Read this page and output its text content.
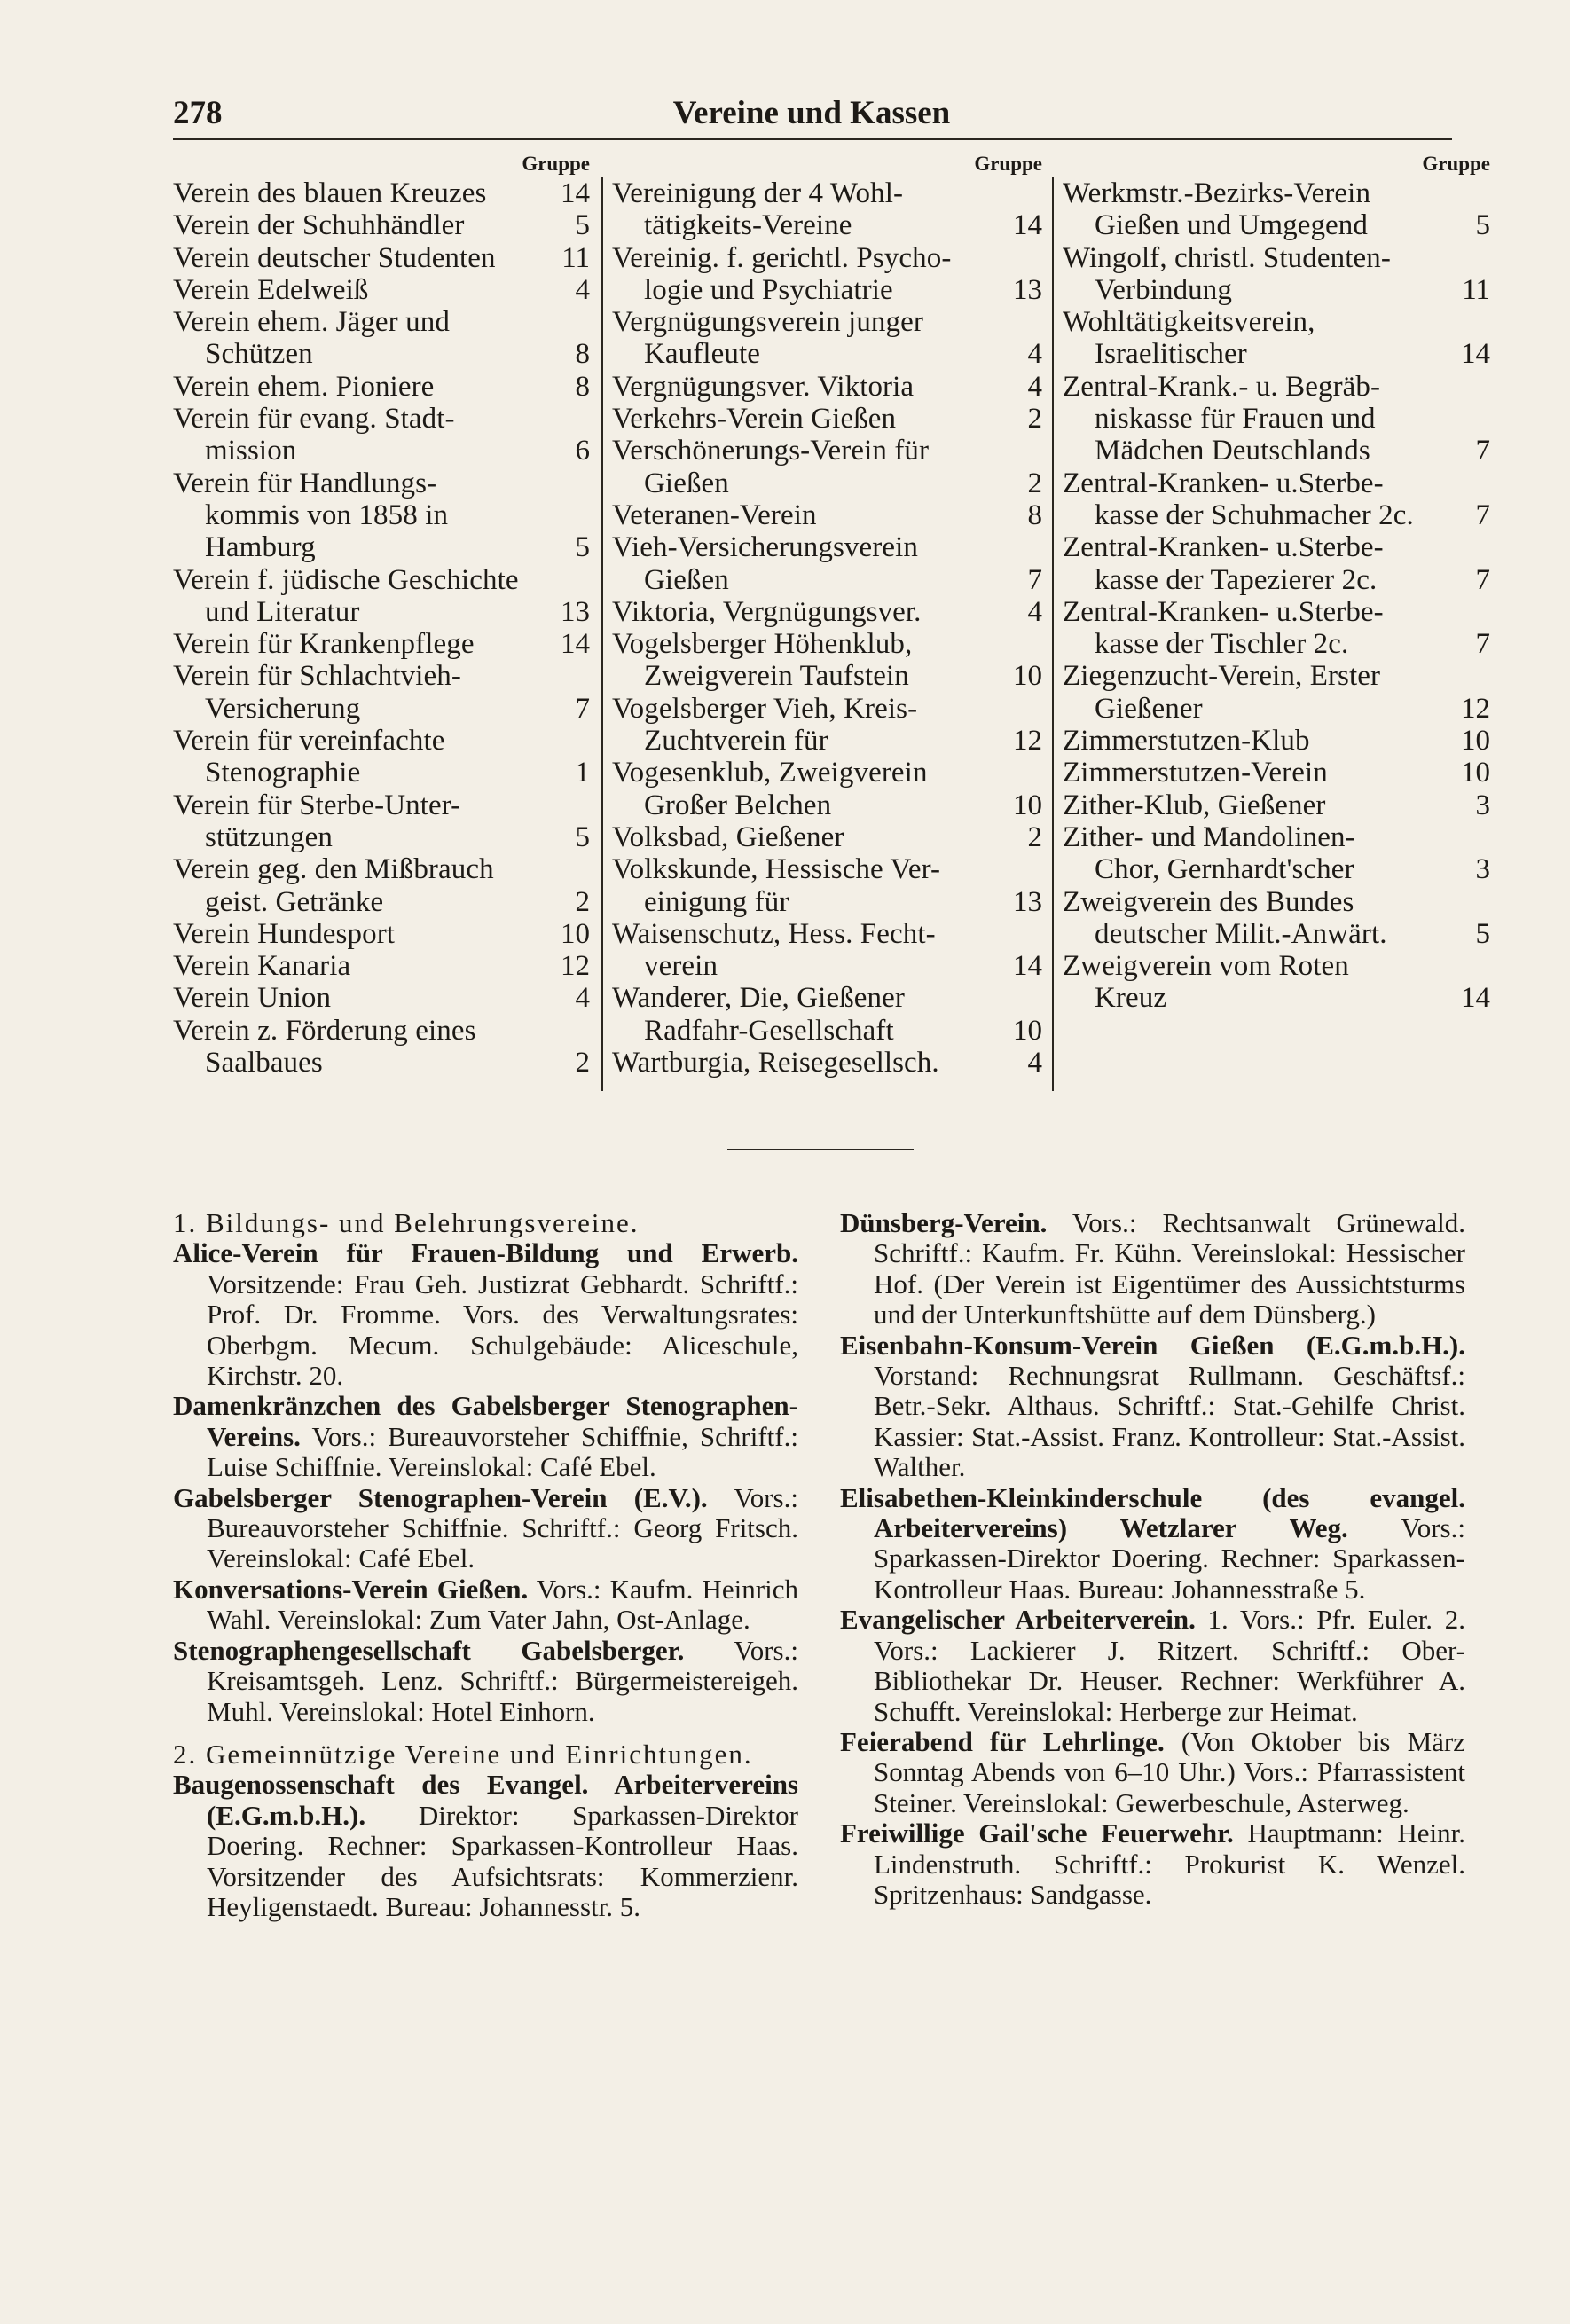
278	Vereine und Kassen
Gruppe
Verein des blauen Kreuzes	14
Verein der Schuhhändler	5
Verein deutscher Studenten 11
Verein Edelweiß	4
Verein ehem. Jäger und
Schützen	8
Verein ehem. Pioniere	8
Verein für evang. Stadt-
mission	6
Verein für Handlungs-
kommis von 1858 in
Hamburg	5
Verein f. jüdische Geschichte
und Literatur	13
Verein für Krankenpflege	14
Verein für Schlachtvieh-
Versicherung	7
Verein für vereinfachte
Stenographie	1
Verein für Sterbe-Unter-
stützungen	5
Verein geg. den Mißbrauch
geist. Getränke	2
Verein Hundesport	10
Verein Kanaria	12
Verein Union	4
Verein z. Förderung eines
Saalbaues	2
Gruppe
Vereinigung der 4 Wohl-
tätigkeits-Vereine	14
Vereinig. f. gerichtl. Psycho-
logie und Psychiatrie	13
Vergnügungsverein junger
Kaufleute	4
Vergnügungsver. Viktoria	4
Verkehrs-Verein Gießen	2
Verschönerungs-Verein für
Gießen	2
Veteranen-Verein	8
Vieh-Versicherungsverein
Gießen	7
Viktoria, Vergnügungsver.	4
Vogelsberger Höhenklub,
Zweigverein Taufstein	10
Vogelsberger Vieh, Kreis-
Zuchtverein für	12
Vogesenklub, Zweigverein
Großer Belchen	10
Volksbad, Gießener	2
Volkskunde, Hessische Ver-
einigung für	13
Waisenschutz, Hess. Fecht-
verein	14
Wanderer, Die, Gießener
Radfahr-Gesellschaft	10
Wartburgia, Reisegesellsch.	4
Gruppe
Werkmstr.-Bezirks-Verein
Gießen und Umgegend	5
Wingolf, christl. Studenten-
Verbindung	11
Wohltätigkeitsverein,
Israelitischer	14
Zentral-Krank.- u. Begräb-
niskasse für Frauen und
Mädchen Deutschlands	7
Zentral-Kranken- u.Sterbe-
kasse der Schuhmacher 2c. 7
Zentral-Kranken- u.Sterbe-
kasse der Tapezierer 2c.	7
Zentral-Kranken- u.Sterbe-
kasse der Tischler 2c.	7
Ziegenzucht-Verein, Erster
Gießener	12
Zimmerstutzen-Klub	10
Zimmerstutzen-Verein	10
Zither-Klub, Gießener	3
Zither- und Mandolinen-
Chor, Gernhardt'scher	3
Zweigverein des Bundes
deutscher Milit.-Anwärt.	5
Zweigverein vom Roten
Kreuz	14

1. Bildungs- und Belehrungsvereine.

Alice-Verein für Frauen-Bildung und Erwerb. Vorsitzende: Frau Geh. Justizrat Gebhardt. Schriftf.: Prof. Dr. Fromme. Vors. des Verwaltungsrates: Oberbgm. Mecum. Schulgebäude: Aliceschule, Kirchstr. 20.

Damenkränzchen des Gabelsberger Stenographen-Vereins. Vors.: Bureauvorsteher Schiffnie, Schriftf.: Luise Schiffnie. Vereinslokal: Café Ebel.

Gabelsberger Stenographen-Verein (E.V.). Vors.: Bureauvorsteher Schiffnie. Schriftf.: Georg Fritsch. Vereinslokal: Café Ebel.

Konversations-Verein Gießen. Vors.: Kaufm. Heinrich Wahl. Vereinslokal: Zum Vater Jahn, Ost-Anlage.

Stenographengesellschaft Gabelsberger. Vors.: Kreisamtsgeh. Lenz. Schriftf.: Bürgermeistereigeh. Muhl. Vereinslokal: Hotel Einhorn.

2. Gemeinnützige Vereine und Einrichtungen.

Baugenossenschaft des Evangel. Arbeitervereins (E.G.m.b.H.). Direktor: Sparkassen-Direktor Doering. Rechner: Sparkassen-Kontrolleur Haas. Vorsitzender des Aufsichtsrats: Kommerzienr. Heyligenstaedt. Bureau: Johannesstr. 5.

Dünsberg-Verein. Vors.: Rechtsanwalt Grünewald. Schriftf.: Kaufm. Fr. Kühn. Vereinslokal: Hessischer Hof. (Der Verein ist Eigentümer des Aussichtsturms und der Unterkunftshütte auf dem Dünsberg.)

Eisenbahn-Konsum-Verein Gießen (E.G.m.b.H.). Vorstand: Rechnungsrat Rullmann. Geschäftsf.: Betr.-Sekr. Althaus. Schriftf.: Stat.-Gehilfe Christ. Kassier: Stat.-Assist. Franz. Kontrolleur: Stat.-Assist. Walther.

Elisabethen-Kleinkinderschule (des evangel. Arbeitervereins) Wetzlarer Weg. Vors.: Sparkassen-Direktor Doering. Rechner: Sparkassen-Kontrolleur Haas. Bureau: Johannesstraße 5.

Evangelischer Arbeiterverein. 1. Vors.: Pfr. Euler. 2. Vors.: Lackierer J. Ritzert. Schriftf.: Ober-Bibliothekar Dr. Heuser. Rechner: Werkführer A. Schufft. Vereinslokal: Herberge zur Heimat.

Feierabend für Lehrlinge. (Von Oktober bis März Sonntag Abends von 6–10 Uhr.) Vors.: Pfarrassistent Steiner. Vereinslokal: Gewerbeschule, Asterweg.

Freiwillige Gail'sche Feuerwehr. Hauptmann: Heinr. Lindenstruth. Schriftf.: Prokurist K. Wenzel. Spritzenhaus: Sandgasse.
